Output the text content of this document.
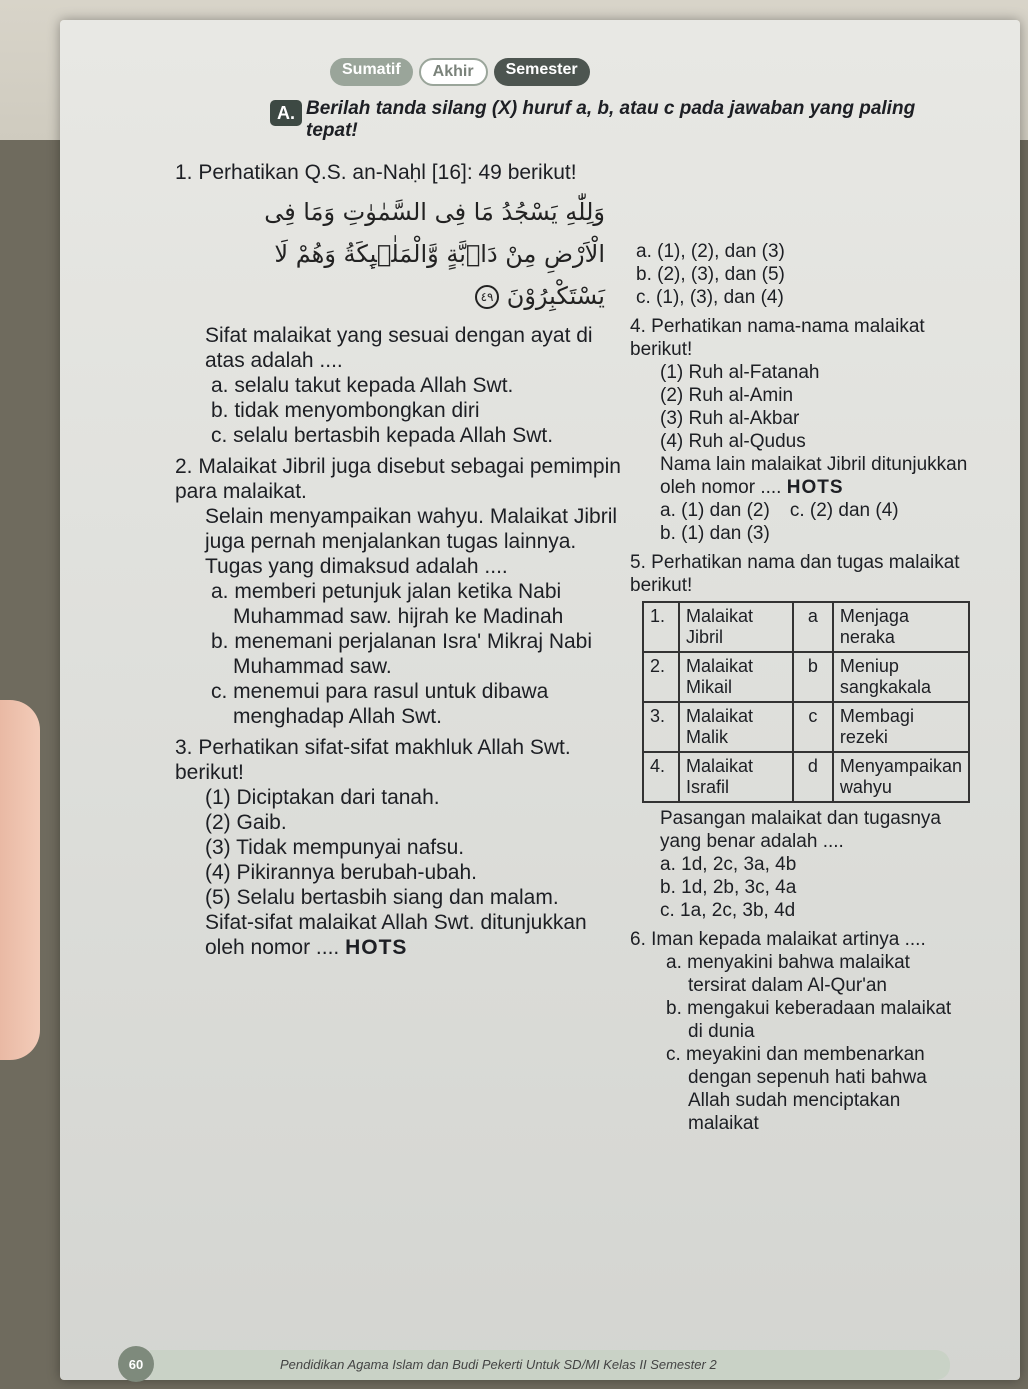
Sumatif	Akhir	Semester
A. Berilah tanda silang (X) huruf a, b, atau c pada jawaban yang paling tepat!
1. Perhatikan Q.S. an-Naḥl [16]: 49 berikut!
وَلِلّٰهِ يَسْجُدُ مَا فِى السَّمٰوٰتِ وَمَا فِى
الْاَرْضِ مِنْ دَاۤبَّةٍ وَّالْمَلٰۤىِٕكَةُ وَهُمْ لَا
يَسْتَكْبِرُوْنَ ٤٩
Sifat malaikat yang sesuai dengan ayat di atas adalah ....
a. selalu takut kepada Allah Swt.
b. tidak menyombongkan diri
c. selalu bertasbih kepada Allah Swt.
2. Malaikat Jibril juga disebut sebagai pemimpin para malaikat.
Selain menyampaikan wahyu. Malaikat Jibril juga pernah menjalankan tugas lainnya.
Tugas yang dimaksud adalah ....
a. memberi petunjuk jalan ketika Nabi Muhammad saw. hijrah ke Madinah
b. menemani perjalanan Isra' Mikraj Nabi Muhammad saw.
c. menemui para rasul untuk dibawa menghadap Allah Swt.
3. Perhatikan sifat-sifat makhluk Allah Swt. berikut!
(1) Diciptakan dari tanah.
(2) Gaib.
(3) Tidak mempunyai nafsu.
(4) Pikirannya berubah-ubah.
(5) Selalu bertasbih siang dan malam.
Sifat-sifat malaikat Allah Swt. ditunjukkan oleh nomor .... HOTS
a. (1), (2), dan (3)
b. (2), (3), dan (5)
c. (1), (3), dan (4)
4. Perhatikan nama-nama malaikat berikut!
(1) Ruh al-Fatanah
(2) Ruh al-Amin
(3) Ruh al-Akbar
(4) Ruh al-Qudus
Nama lain malaikat Jibril ditunjukkan oleh nomor .... HOTS
a. (1) dan (2)
b. (1) dan (3)
c. (2) dan (4)
5. Perhatikan nama dan tugas malaikat berikut!
1.	Malaikat Jibril	a	Menjaga neraka
2.	Malaikat Mikail	b	Meniup sangkakala
3.	Malaikat Malik	c	Membagi rezeki
4.	Malaikat Israfil	d	Menyampaikan wahyu
Pasangan malaikat dan tugasnya yang benar adalah ....
a. 1d, 2c, 3a, 4b
b. 1d, 2b, 3c, 4a
c. 1a, 2c, 3b, 4d
6. Iman kepada malaikat artinya ....
a. menyakini bahwa malaikat tersirat dalam Al-Qur'an
b. mengakui keberadaan malaikat di dunia
c. meyakini dan membenarkan dengan sepenuh hati bahwa Allah sudah menciptakan malaikat
Pendidikan Agama Islam dan Budi Pekerti Untuk SD/MI Kelas II Semester 2
60
